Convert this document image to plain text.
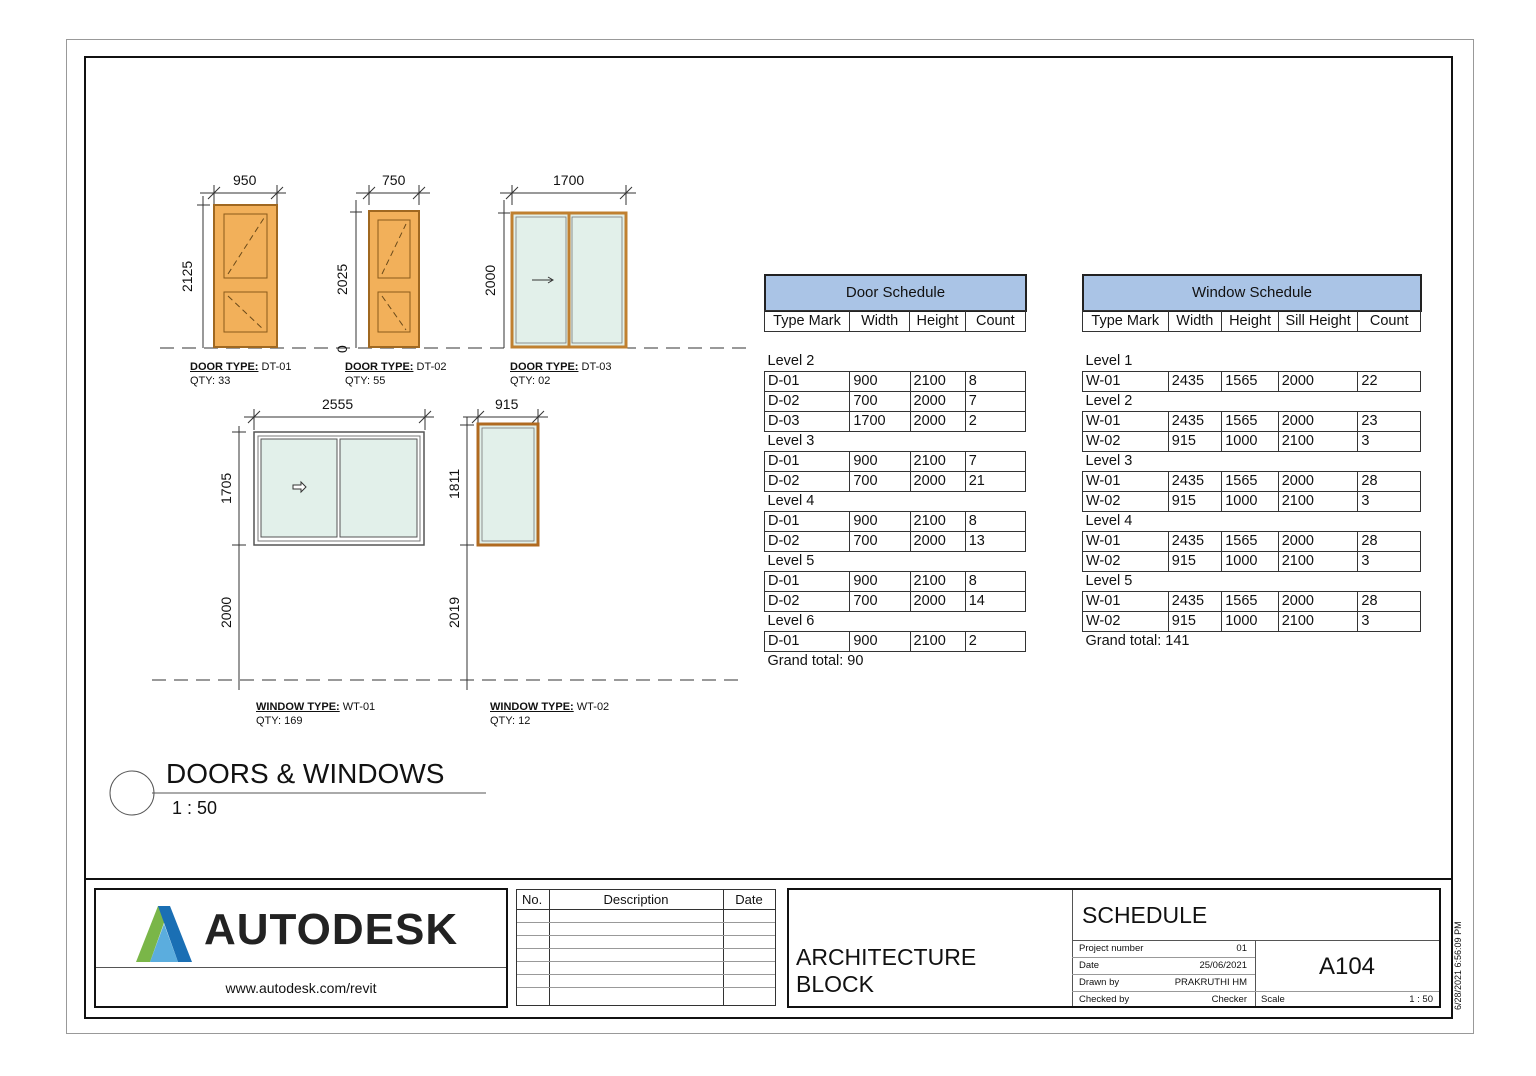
950
2125
750
2025
0
1700
2000
2555
1705
2000
915
1811
2019
DOOR TYPE: DT-01
QTY: 33
DOOR TYPE: DT-02
QTY: 55
DOOR TYPE: DT-03
QTY: 02
WINDOW TYPE: WT-01
QTY: 169
WINDOW TYPE: WT-02
QTY: 12
DOORS & WINDOWS
1 : 50
Door Schedule
Type Mark	Width	Height	Count
Level 2			
D-01	900	2100	8
D-02	700	2000	7
D-03	1700	2000	2
Level 3			
D-01	900	2100	7
D-02	700	2000	21
Level 4			
D-01	900	2100	8
D-02	700	2000	13
Level 5			
D-01	900	2100	8
D-02	700	2000	14
Level 6			
D-01	900	2100	2
Grand total: 90			
Window Schedule
Type Mark	Width	Height	Sill Height	Count
Level 1				
W-01	2435	1565	2000	22
Level 2				
W-01	2435	1565	2000	23
W-02	915	1000	2100	3
Level 3				
W-01	2435	1565	2000	28
W-02	915	1000	2100	3
Level 4				
W-01	2435	1565	2000	28
W-02	915	1000	2100	3
Level 5				
W-01	2435	1565	2000	28
W-02	915	1000	2100	3
Grand total: 141				
AUTODESK
www.autodesk.com/revit
No.	Description	Date
ARCHITECTURE
BLOCK
SCHEDULE
Project number	01
Date	25/06/2021
Drawn by	PRAKRUTHI HM
Checked by	Checker
A104
Scale	1 : 50 6/28/2021 6:56:09 PM
